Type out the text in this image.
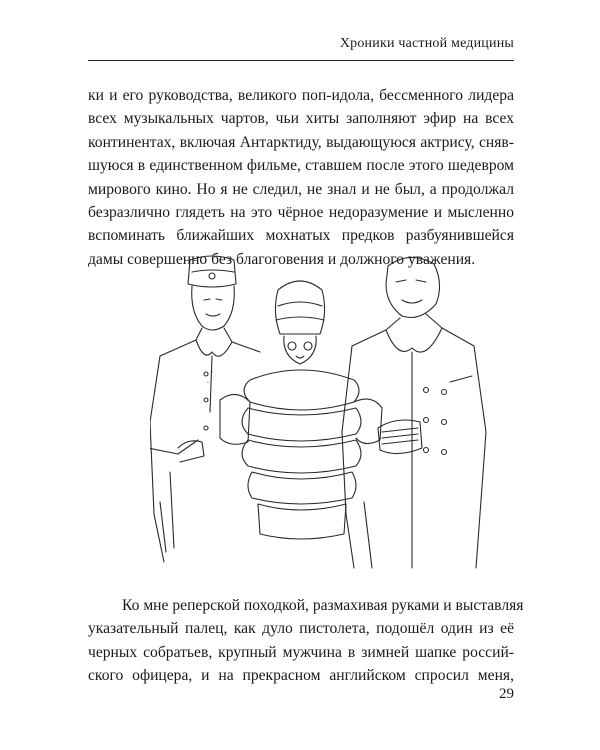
Хроники частной медицины

ки и его руководства, великого поп-идола, бессменного лидера
всех музыкальных чартов, чьи хиты заполняют эфир на всех
континентах, включая Антарктиду, выдающуюся актрису, сняв-
шуюся в единственном фильме, ставшем после этого шедевром
мирового кино. Но я не следил, не знал и не был, а продолжал
безразлично глядеть на это чёрное недоразумение и мысленно
вспоминать ближайших мохнатых предков разбуянившейся
дамы совершенно без благоговения и должного уважения.

Ко мне реперской походкой, размахивая руками и выставляя
указательный палец, как дуло пистолета, подошёл один из её
черных собратьев, крупный мужчина в зимней шапке россий-
ского офицера, и на прекрасном английском спросил меня,

29
